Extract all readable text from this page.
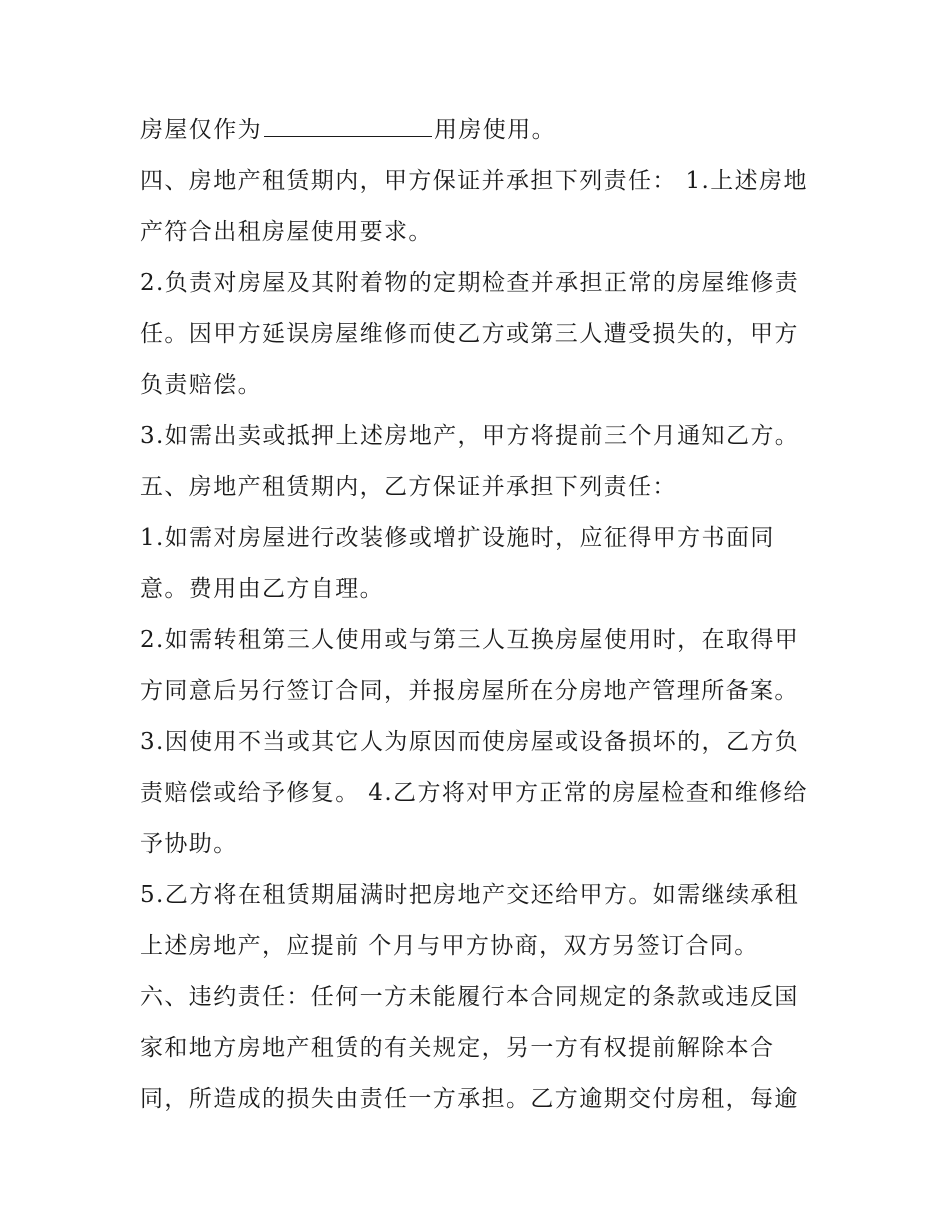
房屋仅作为	用房使用。
四、房地产租赁期内，甲方保证并承担下列责任： 1.上述房地
产符合出租房屋使用要求。
2.负责对房屋及其附着物的定期检查并承担正常的房屋维修责
任。因甲方延误房屋维修而使乙方或第三人遭受损失的，甲方
负责赔偿。
3.如需出卖或抵押上述房地产，甲方将提前三个月通知乙方。
五、房地产租赁期内，乙方保证并承担下列责任：
1.如需对房屋进行改装修或增扩设施时，应征得甲方书面同
意。费用由乙方自理。
2.如需转租第三人使用或与第三人互换房屋使用时，在取得甲
方同意后另行签订合同，并报房屋所在分房地产管理所备案。
3.因使用不当或其它人为原因而使房屋或设备损坏的，乙方负
责赔偿或给予修复。 4.乙方将对甲方正常的房屋检查和维修给
予协助。
5.乙方将在租赁期届满时把房地产交还给甲方。如需继续承租
上述房地产，应提前 个月与甲方协商，双方另签订合同。
六、违约责任：任何一方未能履行本合同规定的条款或违反国
家和地方房地产租赁的有关规定，另一方有权提前解除本合
同，所造成的损失由责任一方承担。乙方逾期交付房租，每逾
